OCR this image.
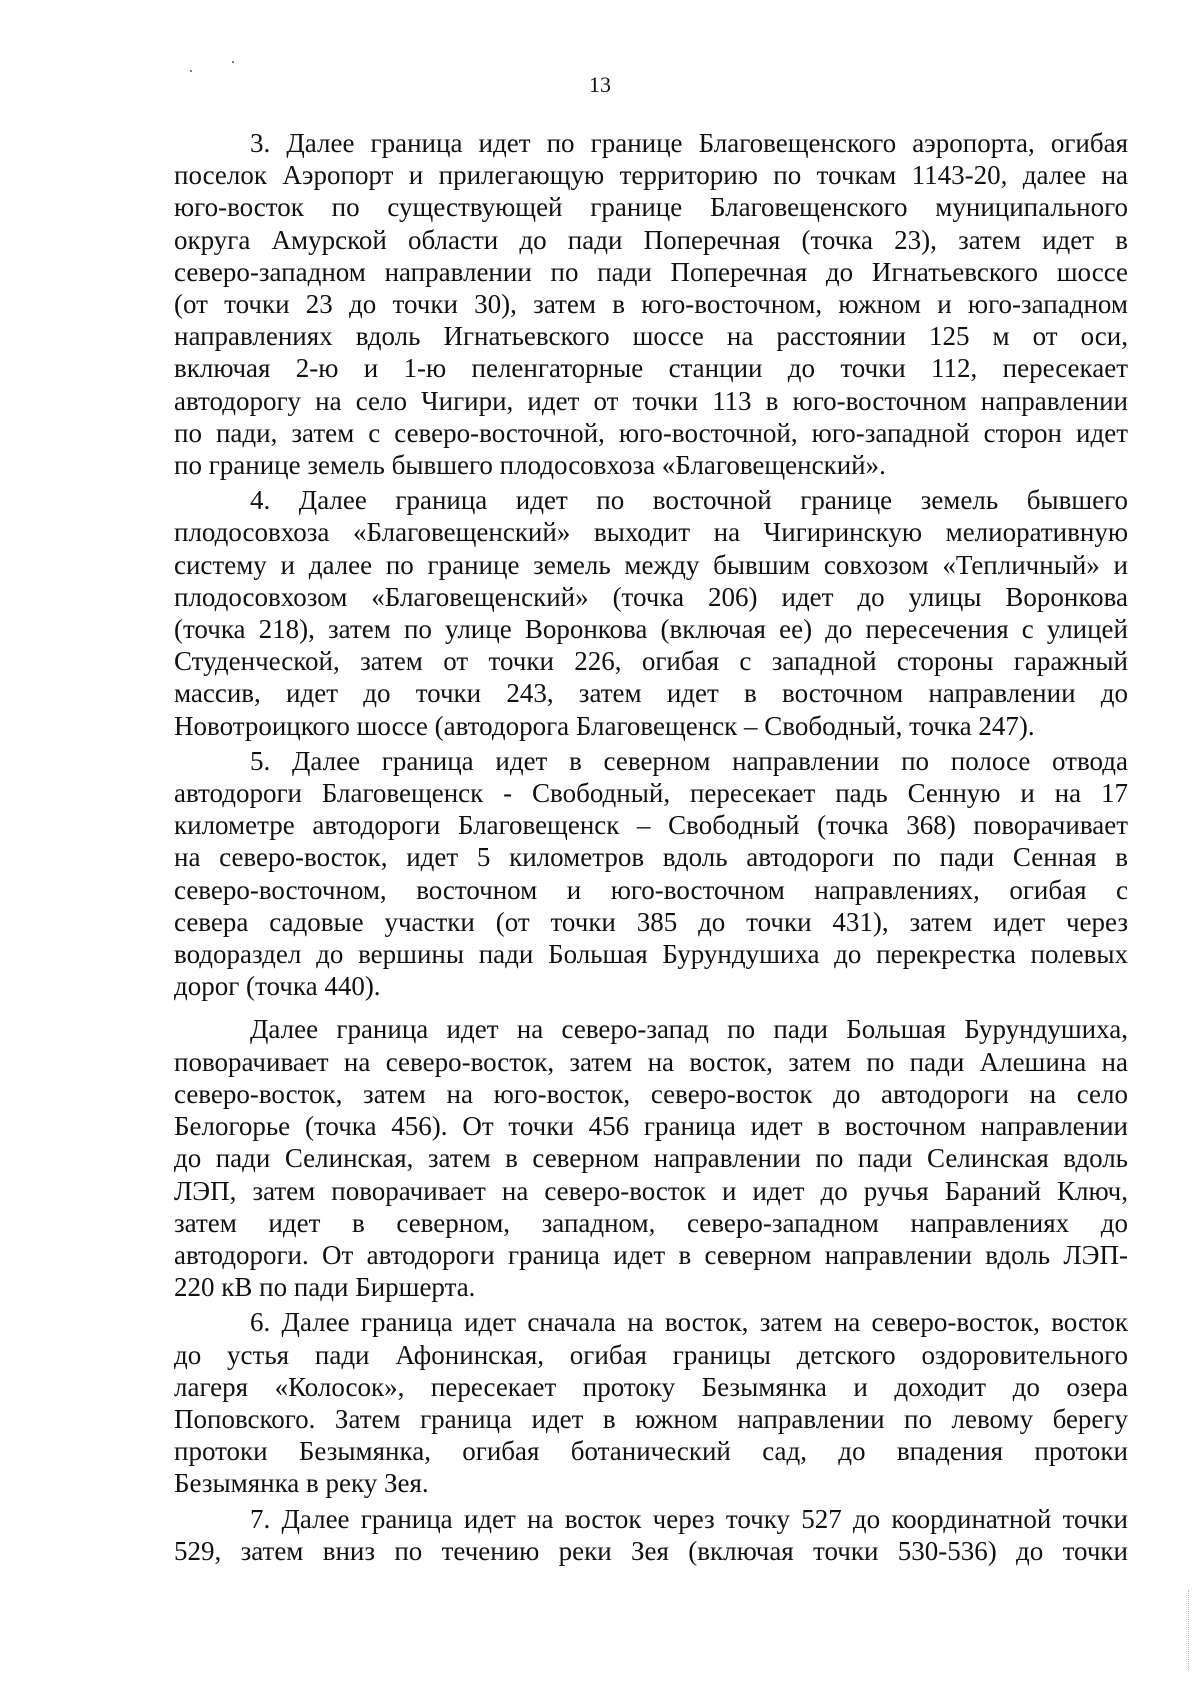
13

3. Далее граница идет по границе Благовещенского аэропорта, огибая
поселок Аэропорт и прилегающую территорию по точкам 1143-20, далее на
юго-восток по существующей границе Благовещенского муниципального
округа Амурской области до пади Поперечная (точка 23), затем идет в
северо-западном направлении по пади Поперечная до Игнатьевского шоссе
(от точки 23 до точки 30), затем в юго-восточном, южном и юго-западном
направлениях вдоль Игнатьевского шоссе на расстоянии 125 м от оси,
включая 2-ю и 1-ю пеленгаторные станции до точки 112, пересекает
автодорогу на село Чигири, идет от точки 113 в юго-восточном направлении
по пади, затем с северо-восточной, юго-восточной, юго-западной сторон идет
по границе земель бывшего плодосовхоза «Благовещенский».

4. Далее граница идет по восточной границе земель бывшего
плодосовхоза «Благовещенский» выходит на Чигиринскую мелиоративную
систему и далее по границе земель между бывшим совхозом «Тепличный» и
плодосовхозом «Благовещенский» (точка 206) идет до улицы Воронкова
(точка 218), затем по улице Воронкова (включая ее) до пересечения с улицей
Студенческой, затем от точки 226, огибая с западной стороны гаражный
массив, идет до точки 243, затем идет в восточном направлении до
Новотроицкого шоссе (автодорога Благовещенск – Свободный, точка 247).

5. Далее граница идет в северном направлении по полосе отвода
автодороги Благовещенск - Свободный, пересекает падь Сенную и на 17
километре автодороги Благовещенск – Свободный (точка 368) поворачивает
на северо-восток, идет 5 километров вдоль автодороги по пади Сенная в
северо-восточном, восточном и юго-восточном направлениях, огибая с
севера садовые участки (от точки 385 до точки 431), затем идет через
водораздел до вершины пади Большая Бурундушиха до перекрестка полевых
дорог (точка 440).

Далее граница идет на северо-запад по пади Большая Бурундушиха,
поворачивает на северо-восток, затем на восток, затем по пади Алешина на
северо-восток, затем на юго-восток, северо-восток до автодороги на село
Белогорье (точка 456). От точки 456 граница идет в восточном направлении
до пади Селинская, затем в северном направлении по пади Селинская вдоль
ЛЭП, затем поворачивает на северо-восток и идет до ручья Бараний Ключ,
затем идет в северном, западном, северо-западном направлениях до
автодороги. От автодороги граница идет в северном направлении вдоль ЛЭП-
220 кВ по пади Биршерта.

6. Далее граница идет сначала на восток, затем на северо-восток, восток
до устья пади Афонинская, огибая границы детского оздоровительного
лагеря «Колосок», пересекает протоку Безымянка и доходит до озера
Поповского. Затем граница идет в южном направлении по левому берегу
протоки Безымянка, огибая ботанический сад, до впадения протоки
Безымянка в реку Зея.

7. Далее граница идет на восток через точку 527 до координатной точки
529, затем вниз по течению реки Зея (включая точки 530-536) до точки
